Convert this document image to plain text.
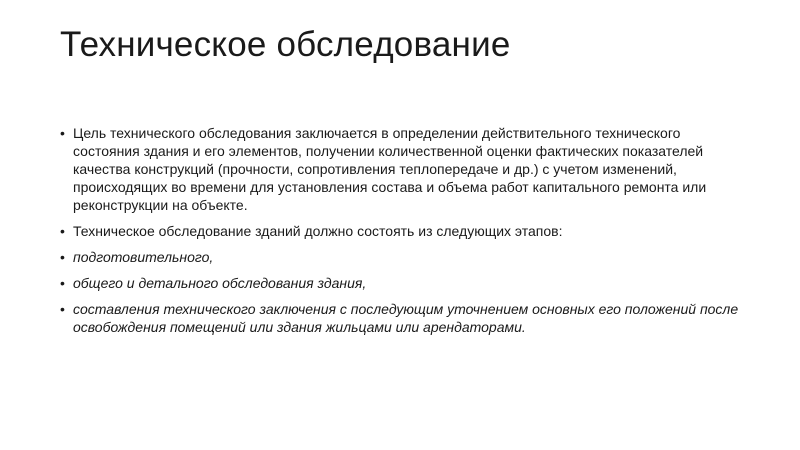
Техническое обследование
• Цель технического обследования заключается в определении действительного технического состояния здания и его элементов, получении количественной оценки фактических показателей качества конструкций (прочности, сопротивления теплопередаче и др.) с учетом изменений, происходящих во времени для установления состава и объема работ капитального ремонта или реконструкции на объекте.
• Техническое обследование зданий должно состоять из следующих этапов:
• подготовительного,
• общего и детального обследования здания,
• составления технического заключения с последующим уточнением основных его положений после освобождения помещений или здания жильцами или арендаторами.
